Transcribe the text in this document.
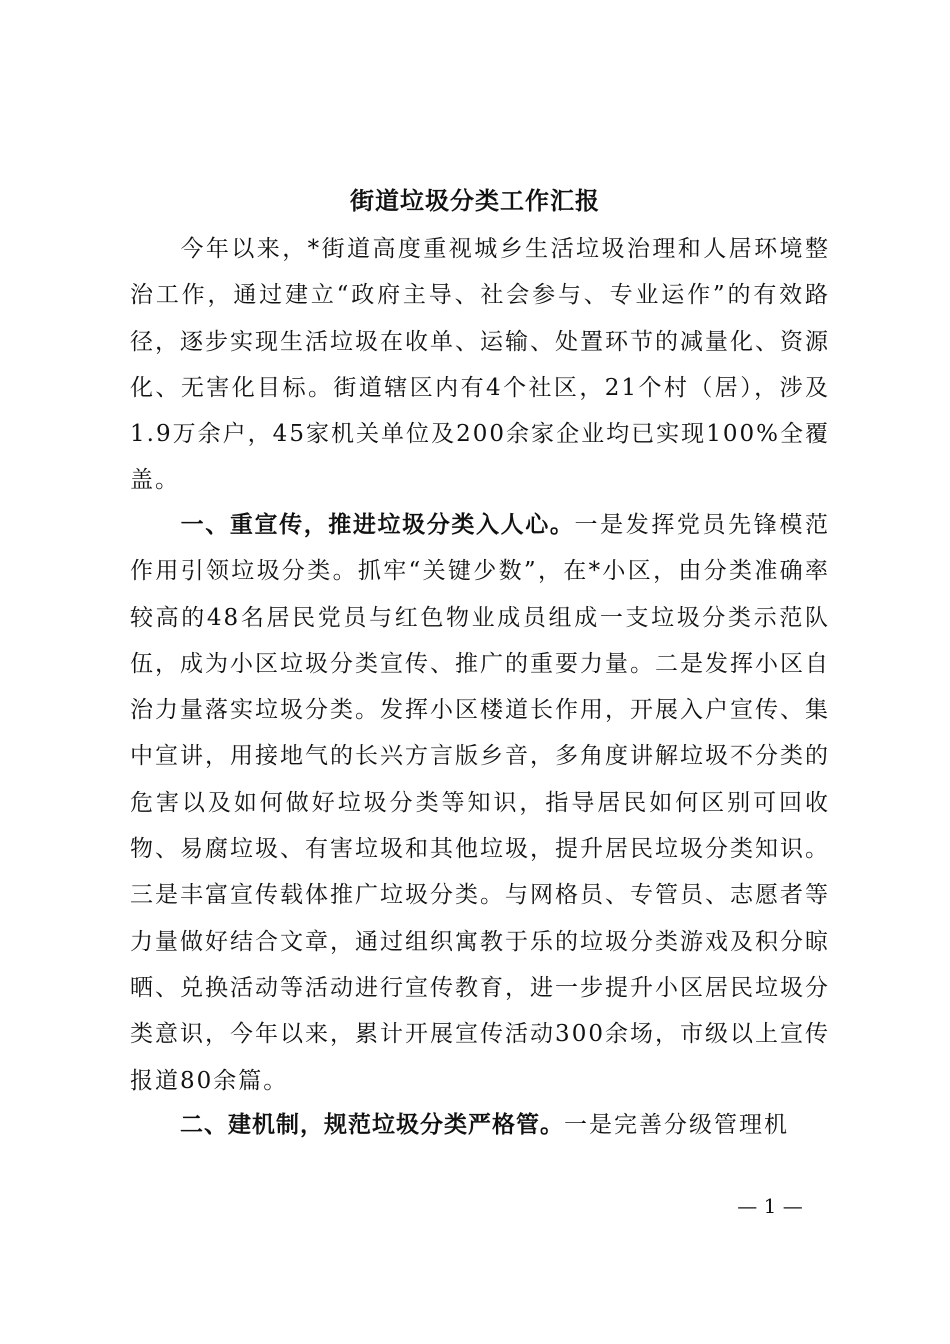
街道垃圾分类工作汇报

今年以来，*街道高度重视城乡生活垃圾治理和人居环境整治工作，通过建立“政府主导、社会参与、专业运作”的有效路径，逐步实现生活垃圾在收单、运输、处置环节的减量化、资源化、无害化目标。街道辖区内有4个社区，21个村（居），涉及1.9万余户，45家机关单位及200余家企业均已实现100%全覆盖。

一、重宣传，推进垃圾分类入人心。一是发挥党员先锋模范作用引领垃圾分类。抓牢“关键少数”，在*小区，由分类准确率较高的48名居民党员与红色物业成员组成一支垃圾分类示范队伍，成为小区垃圾分类宣传、推广的重要力量。二是发挥小区自治力量落实垃圾分类。发挥小区楼道长作用，开展入户宣传、集中宣讲，用接地气的长兴方言版乡音，多角度讲解垃圾不分类的危害以及如何做好垃圾分类等知识，指导居民如何区别可回收物、易腐垃圾、有害垃圾和其他垃圾，提升居民垃圾分类知识。三是丰富宣传载体推广垃圾分类。与网格员、专管员、志愿者等力量做好结合文章，通过组织寓教于乐的垃圾分类游戏及积分晾晒、兑换活动等活动进行宣传教育，进一步提升小区居民垃圾分类意识，今年以来，累计开展宣传活动300余场，市级以上宣传报道80余篇。

二、建机制，规范垃圾分类严格管。一是完善分级管理机

— 1 —
